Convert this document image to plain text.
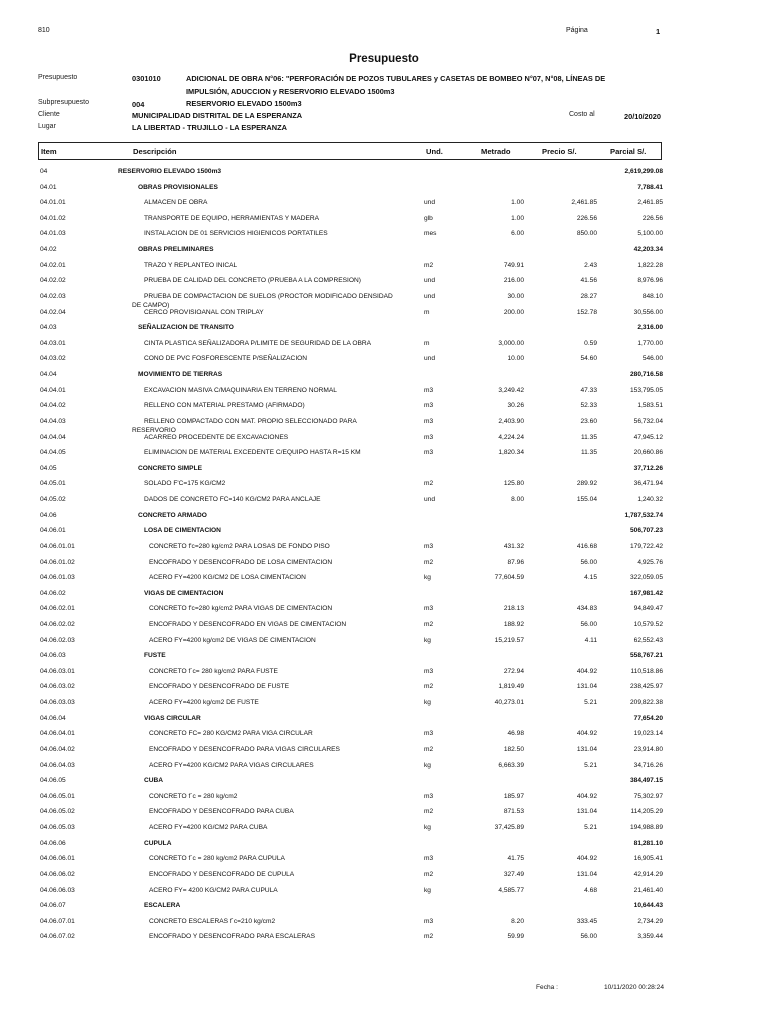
810	Página	1
Presupuesto
Presupuesto	0301010	ADICIONAL DE OBRA N°06: "PERFORACIÓN DE POZOS TUBULARES y CASETAS DE BOMBEO N°07, N°08, LÍNEAS DE
IMPULSIÓN, ADUCCION y RESERVORIO ELEVADO 1500m3
Subpresupuesto	004	RESERVORIO ELEVADO 1500m3
Cliente	MUNICIPALIDAD DISTRITAL DE LA ESPERANZA	Costo al	20/10/2020
Lugar	LA LIBERTAD - TRUJILLO - LA ESPERANZA
Item	Descripción	Und.	Metrado	Precio S/.	Parcial S/.
04	RESERVORIO ELEVADO 1500m3	2,619,299.08
04.01	OBRAS PROVISIONALES	7,788.41
04.01.01	ALMACEN DE OBRA	und	1.00	2,461.85	2,461.85
04.01.02	TRANSPORTE DE EQUIPO, HERRAMIENTAS Y MADERA	glb	1.00	226.56	226.56
04.01.03	INSTALACION DE 01 SERVICIOS HIGIENICOS PORTATILES	mes	6.00	850.00	5,100.00
04.02	OBRAS PRELIMINARES	42,203.34
04.02.01	TRAZO Y REPLANTEO INICAL	m2	749.91	2.43	1,822.28
04.02.02	PRUEBA DE CALIDAD DEL CONCRETO (PRUEBA A LA COMPRESION)	und	216.00	41.56	8,976.96
04.02.03	PRUEBA DE COMPACTACION DE SUELOS (PROCTOR MODIFICADO DENSIDAD	und	30.00	28.27	848.10
DE CAMPO)
04.02.04	CERCO PROVISIOANAL CON TRIPLAY	m	200.00	152.78	30,556.00
04.03	SEÑALIZACION DE TRANSITO	2,316.00
04.03.01	CINTA PLASTICA SEÑALIZADORA P/LIMITE DE SEGURIDAD DE LA OBRA	m	3,000.00	0.59	1,770.00
04.03.02	CONO DE PVC FOSFORESCENTE P/SEÑALIZACION	und	10.00	54.60	546.00
04.04	MOVIMIENTO DE TIERRAS	280,716.58
04.04.01	EXCAVACION MASIVA C/MAQUINARIA EN TERRENO NORMAL	m3	3,249.42	47.33	153,795.05
04.04.02	RELLENO CON MATERIAL PRESTAMO (AFIRMADO)	m3	30.26	52.33	1,583.51
04.04.03	RELLENO COMPACTADO CON MAT. PROPIO SELECCIONADO PARA	m3	2,403.90	23.60	56,732.04
RESERVORIO
04.04.04	ACARREO PROCEDENTE DE EXCAVACIONES	m3	4,224.24	11.35	47,945.12
04.04.05	ELIMINACION DE MATERIAL EXCEDENTE C/EQUIPO HASTA R=15 KM	m3	1,820.34	11.35	20,660.86
04.05	CONCRETO SIMPLE	37,712.26
04.05.01	SOLADO F'C=175 KG/CM2	m2	125.80	289.92	36,471.94
04.05.02	DADOS DE CONCRETO FC=140 KG/CM2 PARA ANCLAJE	und	8.00	155.04	1,240.32
04.06	CONCRETO ARMADO	1,787,532.74
04.06.01	LOSA DE CIMENTACION	506,707.23
04.06.01.01	CONCRETO f'c=280 kg/cm2 PARA LOSAS DE FONDO PISO	m3	431.32	416.68	179,722.42
04.06.01.02	ENCOFRADO Y DESENCOFRADO DE LOSA CIMENTACION	m2	87.96	56.00	4,925.76
04.06.01.03	ACERO FY=4200 KG/CM2 DE LOSA CIMENTACION	kg	77,604.59	4.15	322,059.05
04.06.02	VIGAS DE CIMENTACION	167,981.42
04.06.02.01	CONCRETO f'c=280 kg/cm2 PARA VIGAS DE CIMENTACION	m3	218.13	434.83	94,849.47
04.06.02.02	ENCOFRADO Y DESENCOFRADO EN VIGAS DE CIMENTACION	m2	188.92	56.00	10,579.52
04.06.02.03	ACERO FY=4200 kg/cm2 DE VIGAS DE CIMENTACION	kg	15,219.57	4.11	62,552.43
04.06.03	FUSTE	558,767.21
04.06.03.01	CONCRETO f´c= 280 kg/cm2 PARA FUSTE	m3	272.94	404.92	110,518.86
04.06.03.02	ENCOFRADO Y DESENCOFRADO DE FUSTE	m2	1,819.49	131.04	238,425.97
04.06.03.03	ACERO FY=4200 kg/cm2 DE FUSTE	kg	40,273.01	5.21	209,822.38
04.06.04	VIGAS CIRCULAR	77,654.20
04.06.04.01	CONCRETO FC= 280 KG/CM2 PARA VIGA CIRCULAR	m3	46.98	404.92	19,023.14
04.06.04.02	ENCOFRADO Y DESENCOFRADO PARA VIGAS CIRCULARES	m2	182.50	131.04	23,914.80
04.06.04.03	ACERO FY=4200 KG/CM2 PARA VIGAS CIRCULARES	kg	6,663.39	5.21	34,716.26
04.06.05	CUBA	384,497.15
04.06.05.01	CONCRETO f´c = 280 kg/cm2	m3	185.97	404.92	75,302.97
04.06.05.02	ENCOFRADO Y DESENCOFRADO PARA CUBA	m2	871.53	131.04	114,205.29
04.06.05.03	ACERO FY=4200 KG/CM2 PARA CUBA	kg	37,425.89	5.21	194,988.89
04.06.06	CUPULA	81,281.10
04.06.06.01	CONCRETO f´c = 280 kg/cm2 PARA CUPULA	m3	41.75	404.92	16,905.41
04.06.06.02	ENCOFRADO Y DESENCOFRADO DE CUPULA	m2	327.49	131.04	42,914.29
04.06.06.03	ACERO FY= 4200 KG/CM2 PARA CUPULA	kg	4,585.77	4.68	21,461.40
04.06.07	ESCALERA	10,644.43
04.06.07.01	CONCRETO ESCALERAS f´c=210 kg/cm2	m3	8.20	333.45	2,734.29
04.06.07.02	ENCOFRADO Y DESENCOFRADO PARA ESCALERAS	m2	59.99	56.00	3,359.44
Fecha :	10/11/2020 00:28:24
